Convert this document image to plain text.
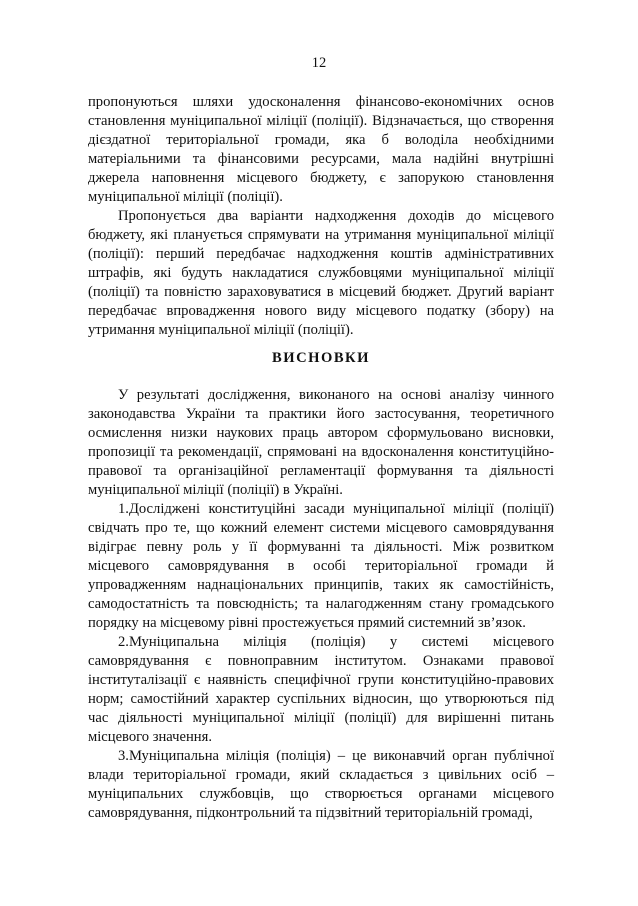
12

пропонуються шляхи удосконалення фінансово-економічних основ становлення муніципальної міліції (поліції). Відзначається, що створення дієздатної територіальної громади, яка б володіла необхідними матеріальними та фінансовими ресурсами, мала надійні внутрішні джерела наповнення місцевого бюджету, є запорукою становлення муніципальної міліції (поліції).

Пропонується два варіанти надходження доходів до місцевого бюджету, які планується спрямувати на утримання муніципальної міліції (поліції): перший передбачає надходження коштів адміністративних штрафів, які будуть накладатися службовцями муніципальної міліції (поліції) та повністю зараховуватися в місцевий бюджет. Другий варіант передбачає впровадження нового виду місцевого податку (збору) на утримання муніципальної міліції (поліції).

ВИСНОВКИ

У результаті дослідження, виконаного на основі аналізу чинного законодавства України та практики його застосування, теоретичного осмислення низки наукових праць автором сформульовано висновки, пропозиції та рекомендації, спрямовані на вдосконалення конституційно-правової та організаційної регламентації формування та діяльності муніципальної міліції (поліції) в Україні.

1.Досліджені конституційні засади муніципальної міліції (поліції) свідчать про те, що кожний елемент системи місцевого самоврядування відіграє певну роль у її формуванні та діяльності. Між розвитком місцевого самоврядування в особі територіальної громади й упровадженням наднаціональних принципів, таких як самостійність, самодостатність та повсюдність; та налагодженням стану громадського порядку на місцевому рівні простежується прямий системний зв’язок.

2.Муніципальна міліція (поліція) у системі місцевого самоврядування є повноправним інститутом. Ознаками правової інституталізації є наявність специфічної групи конституційно-правових норм; самостійний характер суспільних відносин, що утворюються під час діяльності муніципальної міліції (поліції) для вирішенні питань місцевого значення.

3.Муніципальна міліція (поліція) – це виконавчий орган публічної влади територіальної громади, який складається з цивільних осіб – муніципальних службовців, що створюється органами місцевого самоврядування, підконтрольний та підзвітний територіальній громаді,
